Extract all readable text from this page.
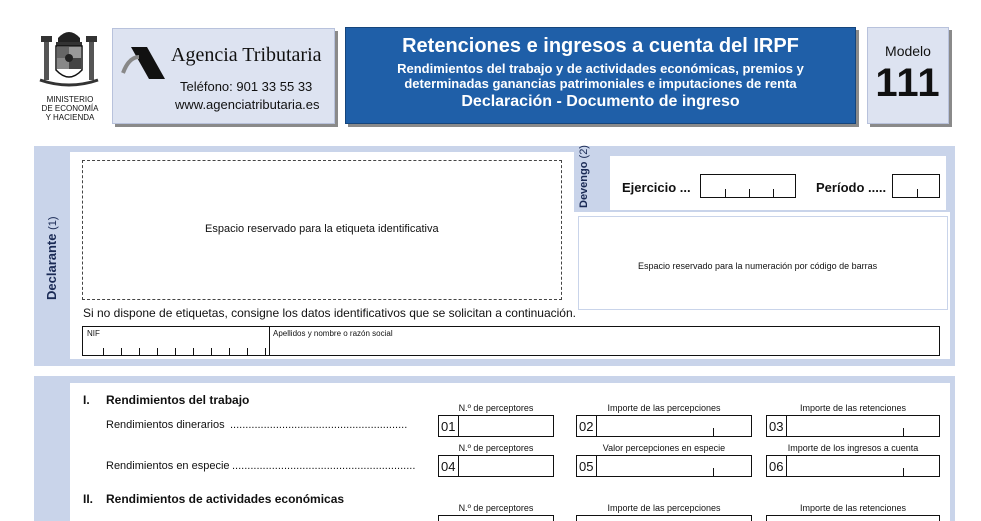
MINISTERIO
DE ECONOMÍA
Y HACIENDA
Agencia Tributaria
Teléfono: 901 33 55 33
www.agenciatributaria.es
Retenciones e ingresos a cuenta del IRPF
Rendimientos del trabajo y de actividades económicas, premios y
determinadas ganancias patrimoniales e imputaciones de renta
Declaración - Documento de ingreso
Modelo
111
Declarante (1)	Espacio reservado para la etiqueta identificativa
Devengo (2)
Ejercicio ...	Período .....
Espacio reservado para la numeración por código de barras
Si no dispone de etiquetas, consigne los datos identificativos que se solicitan a continuación.
NIF	Apellidos y nombre o razón social
I. Rendimientos del trabajo
N.º de perceptores	Importe de las percepciones	Importe de las retenciones
Rendimientos dinerarios ..........................................................	01	02	03
N.º de perceptores	Valor percepciones en especie	Importe de los ingresos a cuenta
Rendimientos en especie ............................................................	04	05	06
II. Rendimientos de actividades económicas
N.º de perceptores	Importe de las percepciones	Importe de las retenciones
